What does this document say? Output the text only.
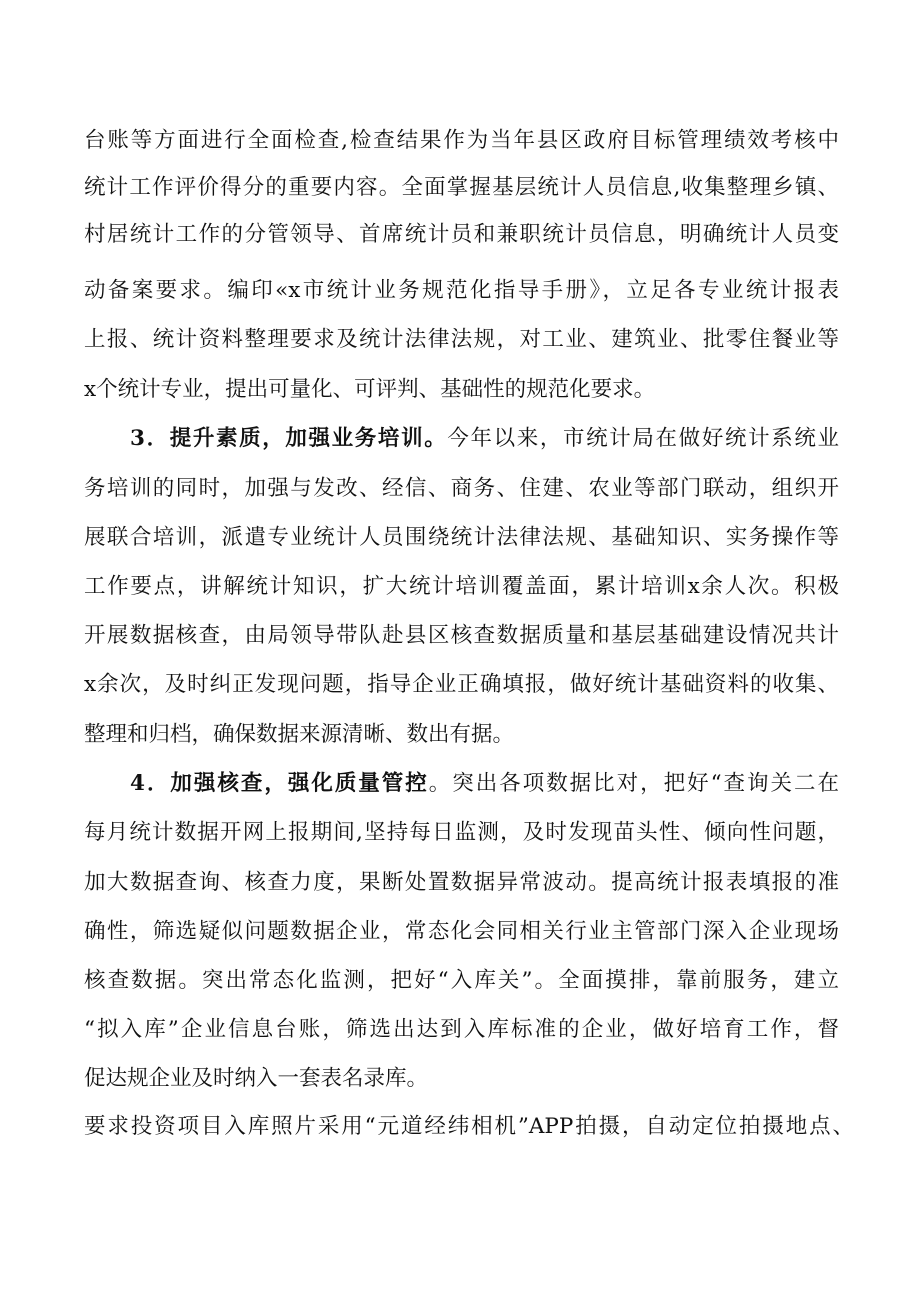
台账等方面进行全面检查,检查结果作为当年县区政府目标管理绩效考核中
统计工作评价得分的重要内容。全面掌握基层统计人员信息,收集整理乡镇、
村居统计工作的分管领导、首席统计员和兼职统计员信息，明确统计人员变
动备案要求。编印«x市统计业务规范化指导手册》，立足各专业统计报表
上报、统计资料整理要求及统计法律法规，对工业、建筑业、批零住餐业等
x个统计专业，提出可量化、可评判、基础性的规范化要求。
3．提升素质，加强业务培训。今年以来，市统计局在做好统计系统业
务培训的同时，加强与发改、经信、商务、住建、农业等部门联动，组织开
展联合培训，派遣专业统计人员围绕统计法律法规、基础知识、实务操作等
工作要点，讲解统计知识，扩大统计培训覆盖面，累计培训x余人次。积极
开展数据核查，由局领导带队赴县区核查数据质量和基层基础建设情况共计
x余次，及时纠正发现问题，指导企业正确填报，做好统计基础资料的收集、
整理和归档，确保数据来源清晰、数出有据。
4．加强核查，强化质量管控。突出各项数据比对，把好“查询关二在
每月统计数据开网上报期间,坚持每日监测，及时发现苗头性、倾向性问题，
加大数据查询、核查力度，果断处置数据异常波动。提高统计报表填报的准
确性，筛选疑似问题数据企业，常态化会同相关行业主管部门深入企业现场
核查数据。突出常态化监测，把好“入库关”。全面摸排，靠前服务，建立
“拟入库”企业信息台账，筛选出达到入库标准的企业，做好培育工作，督
促达规企业及时纳入一套表名录库。
要求投资项目入库照片采用“元道经纬相机”APP拍摄，自动定位拍摄地点、
